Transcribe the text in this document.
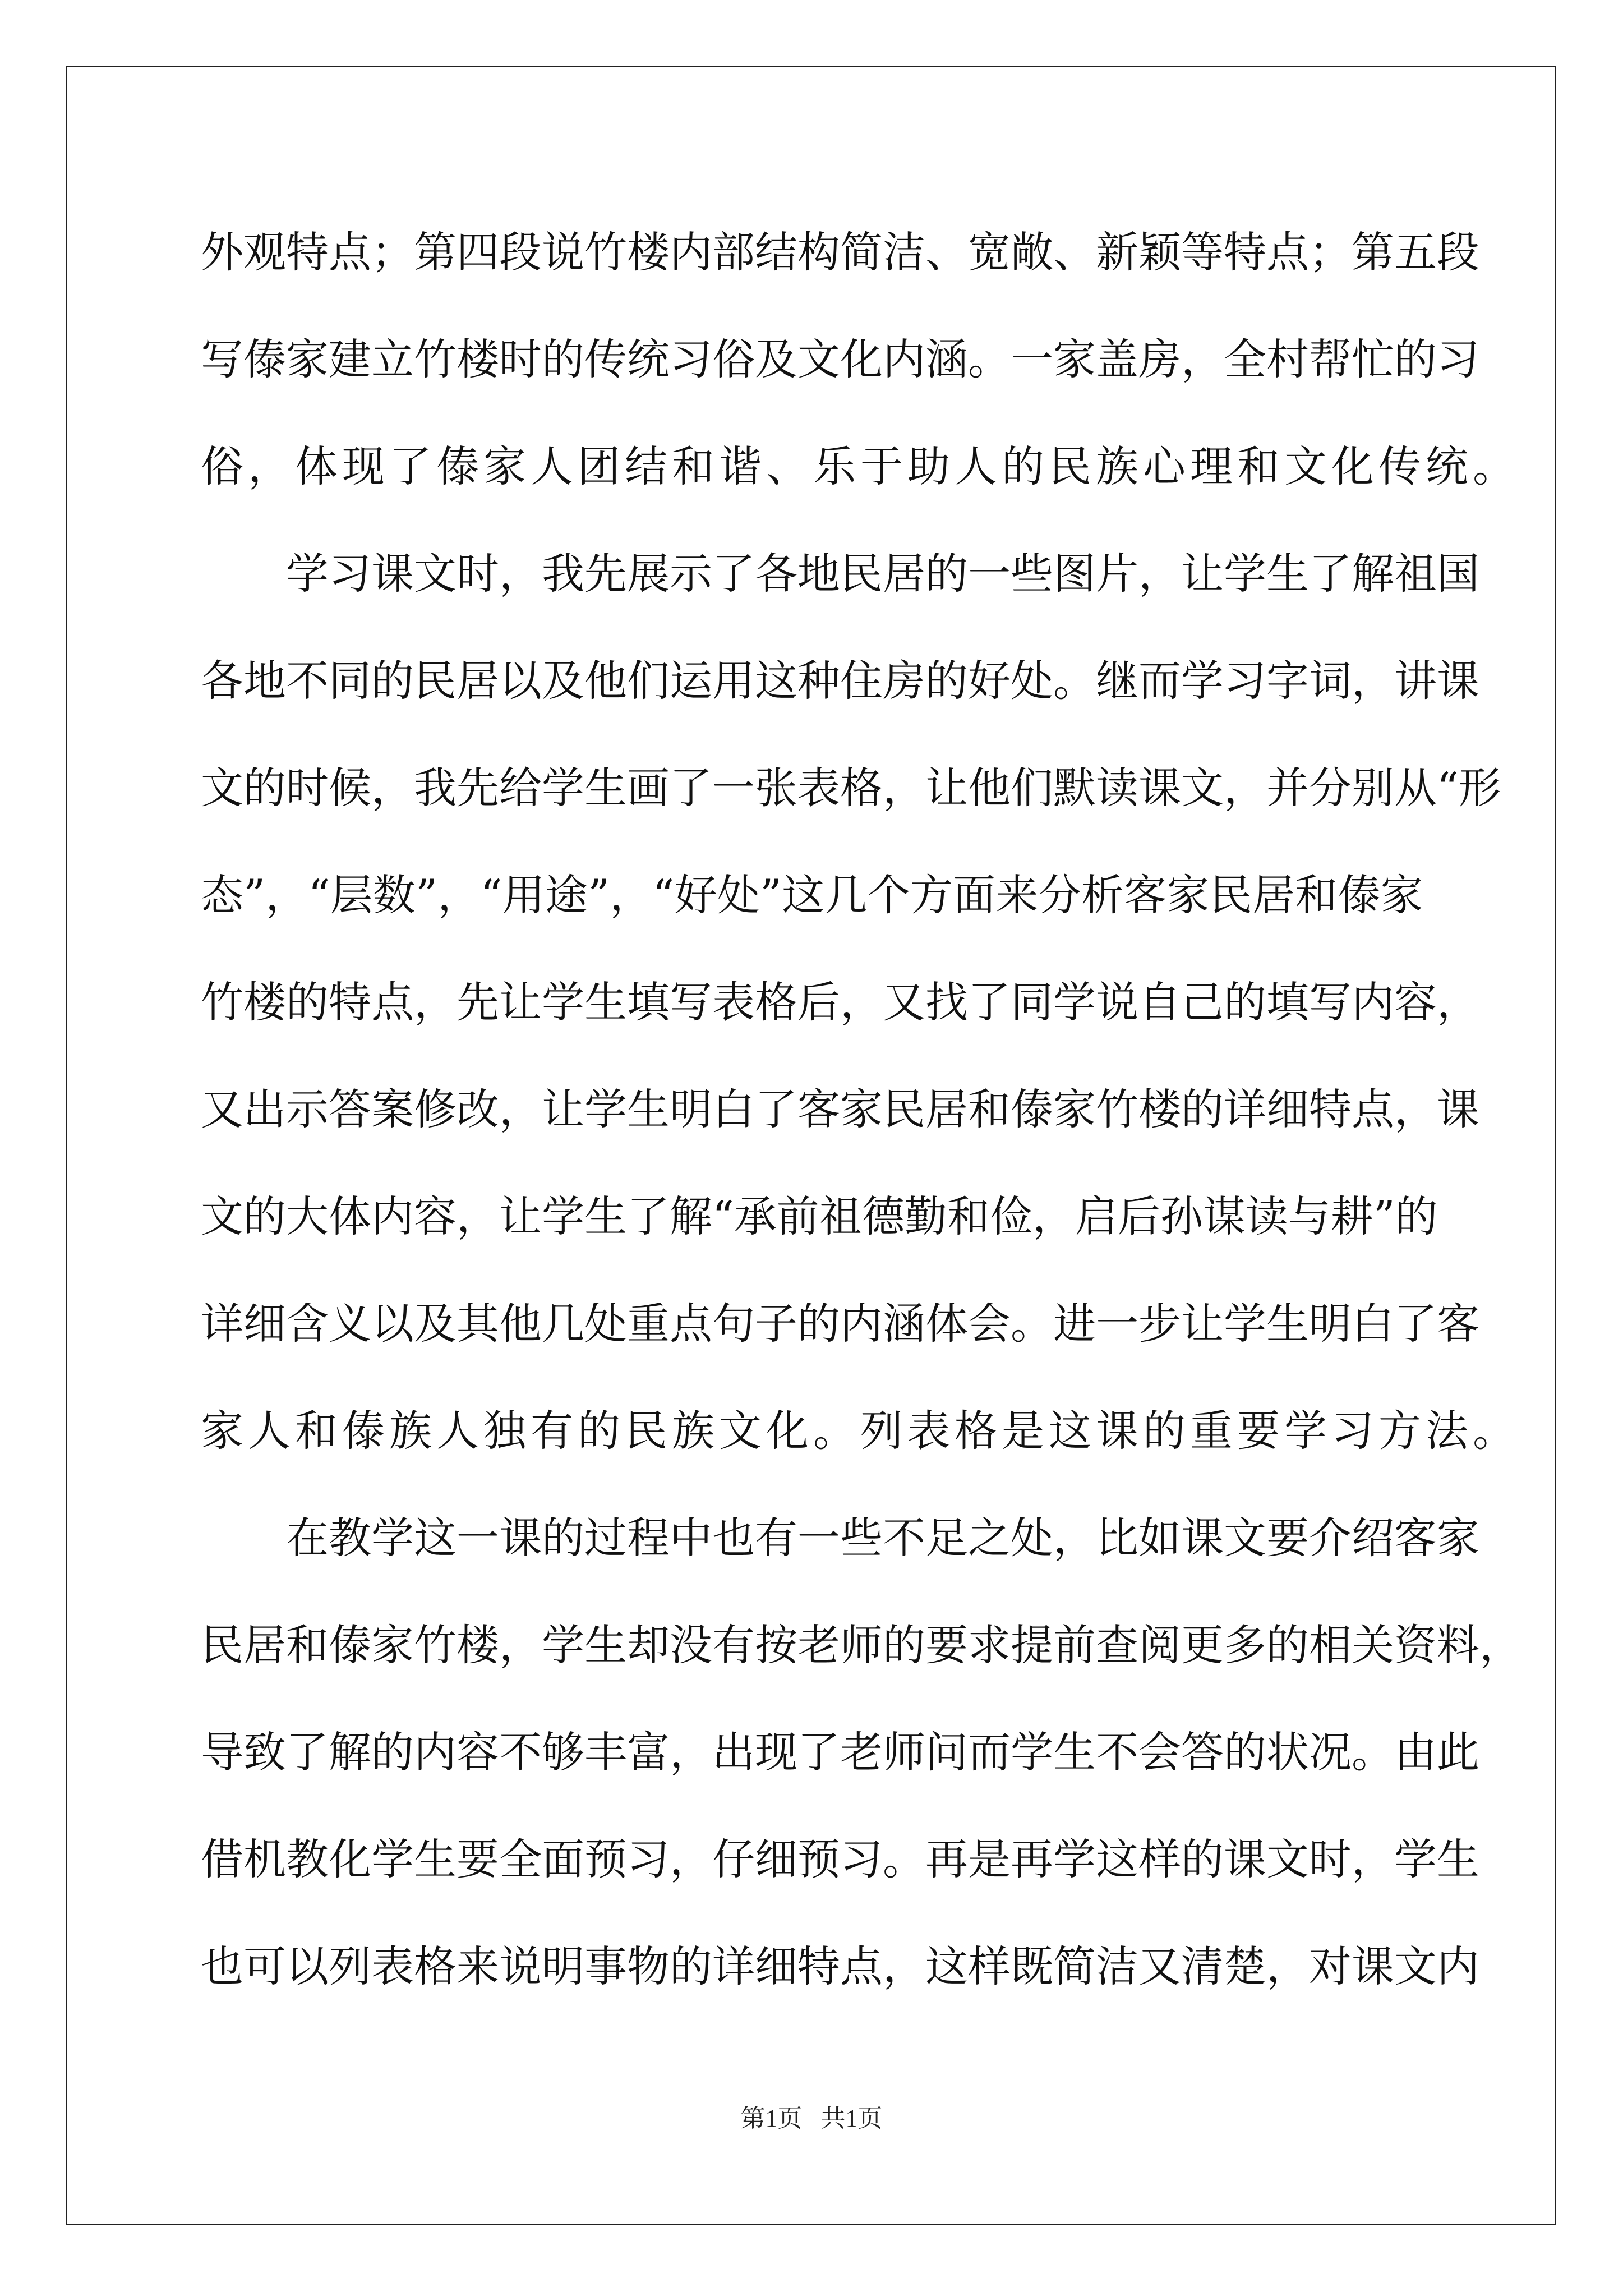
外 观 特 点 ； 第 四 段 说 竹 楼 内 部 结 构 简 洁 、 宽 敞 、 新 颖 等 特 点 ； 第 五 段
写 傣 家 建 立 竹 楼 时 的 传 统 习 俗 及 文 化 内 涵 。 一 家 盖 房 ， 全 村 帮 忙 的 习
俗 ， 体 现 了 傣 家 人 团 结 和 谐 、 乐 于 助 人 的 民 族 心 理 和 文 化 传 统 。
学 习 课 文 时 ， 我 先 展 示 了 各 地 民 居 的 一 些 图 片 ， 让 学 生 了 解 祖 国
各 地 不 同 的 民 居 以 及 他 们 运 用 这 种 住 房 的 好 处 。 继 而 学 习 字 词 ， 讲 课
文 的 时 候 ， 我 先 给 学 生 画 了 一 张 表 格 ， 让 他 们 默 读 课 文 ， 并 分 别 从 “ 形
态 ” ， “ 层 数 ” ， “ 用 途 ” ， “ 好 处 ” 这 几 个 方 面 来 分 析 客 家 民 居 和 傣 家
竹 楼 的 特 点 ， 先 让 学 生 填 写 表 格 后 ， 又 找 了 同 学 说 自 己 的 填 写 内 容 ，
又 出 示 答 案 修 改 ， 让 学 生 明 白 了 客 家 民 居 和 傣 家 竹 楼 的 详 细 特 点 ， 课
文 的 大 体 内 容 ， 让 学 生 了 解 “ 承 前 祖 德 勤 和 俭 ， 启 后 孙 谋 读 与 耕 ” 的
详 细 含 义 以 及 其 他 几 处 重 点 句 子 的 内 涵 体 会 。 进 一 步 让 学 生 明 白 了 客
家 人 和 傣 族 人 独 有 的 民 族 文 化 。 列 表 格 是 这 课 的 重 要 学 习 方 法 。
在 教 学 这 一 课 的 过 程 中 也 有 一 些 不 足 之 处 ， 比 如 课 文 要 介 绍 客 家
民 居 和 傣 家 竹 楼 ， 学 生 却 没 有 按 老 师 的 要 求 提 前 查 阅 更 多 的 相 关 资 料 ，
导 致 了 解 的 内 容 不 够 丰 富 ， 出 现 了 老 师 问 而 学 生 不 会 答 的 状 况 。 由 此
借 机 教 化 学 生 要 全 面 预 习 ， 仔 细 预 习 。 再 是 再 学 这 样 的 课 文 时 ， 学 生
也 可 以 列 表 格 来 说 明 事 物 的 详 细 特 点 ， 这 样 既 简 洁 又 清 楚 ， 对 课 文 内
第1页   共1页
